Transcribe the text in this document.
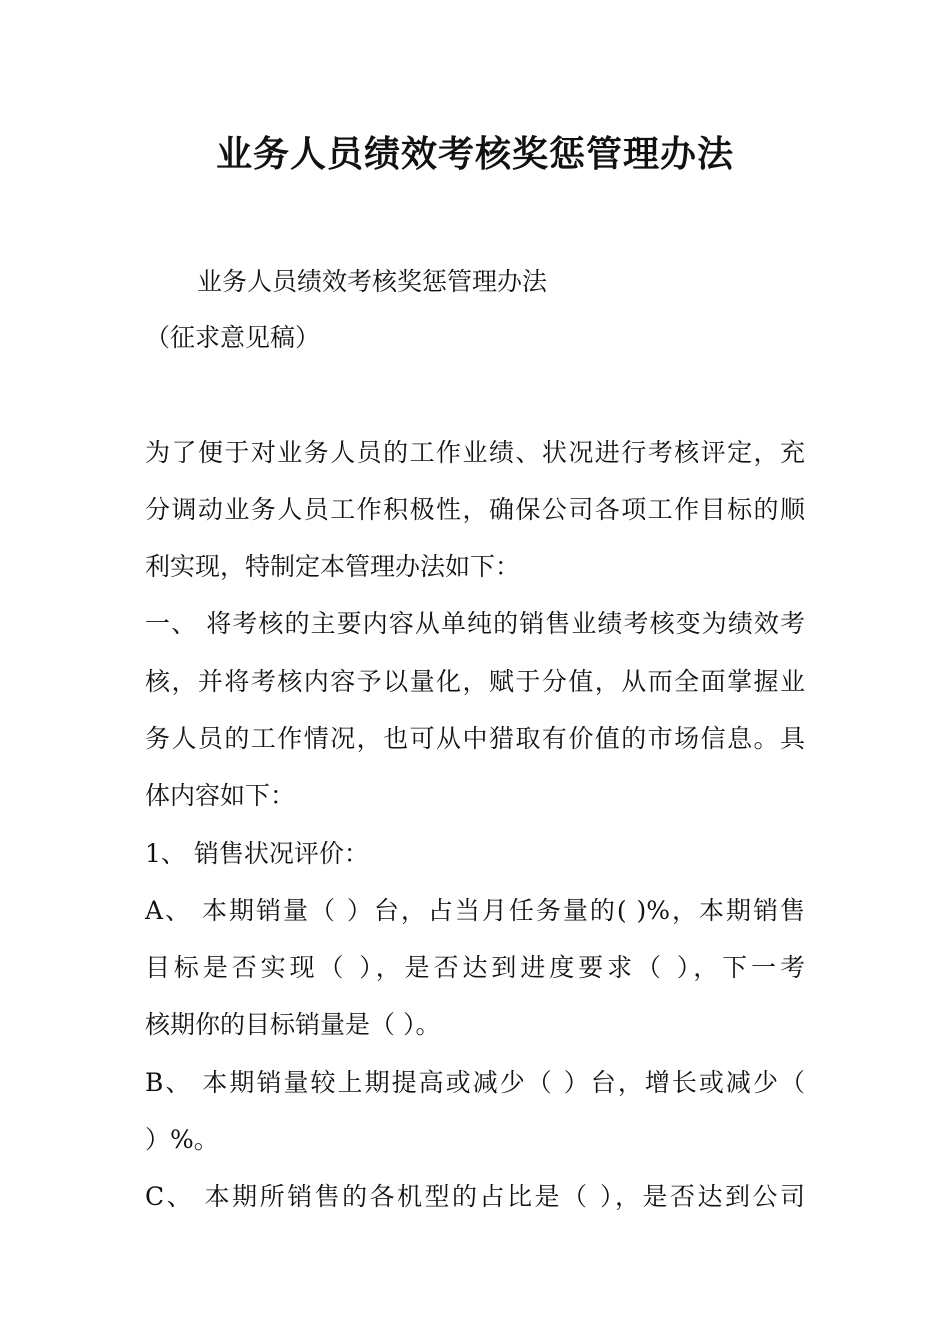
业务人员绩效考核奖惩管理办法
业务人员绩效考核奖惩管理办法
（征求意见稿）
为了便于对业务人员的工作业绩、状况进行考核评定，充
分调动业务人员工作积极性，确保公司各项工作目标的顺
利实现，特制定本管理办法如下：
一、 将考核的主要内容从单纯的销售业绩考核变为绩效考
核，并将考核内容予以量化，赋于分值，从而全面掌握业
务人员的工作情况，也可从中猎取有价值的市场信息。具
体内容如下：
1、 销售状况评价：
A、 本期销量（ ）台，占当月任务量的( )%，本期销售
目标是否实现（ ），是否达到进度要求（ ），下一考
核期你的目标销量是（ ）。
B、 本期销量较上期提高或减少（ ）台，增长或减少（
）%。
C、 本期所销售的各机型的占比是（ ），是否达到公司
